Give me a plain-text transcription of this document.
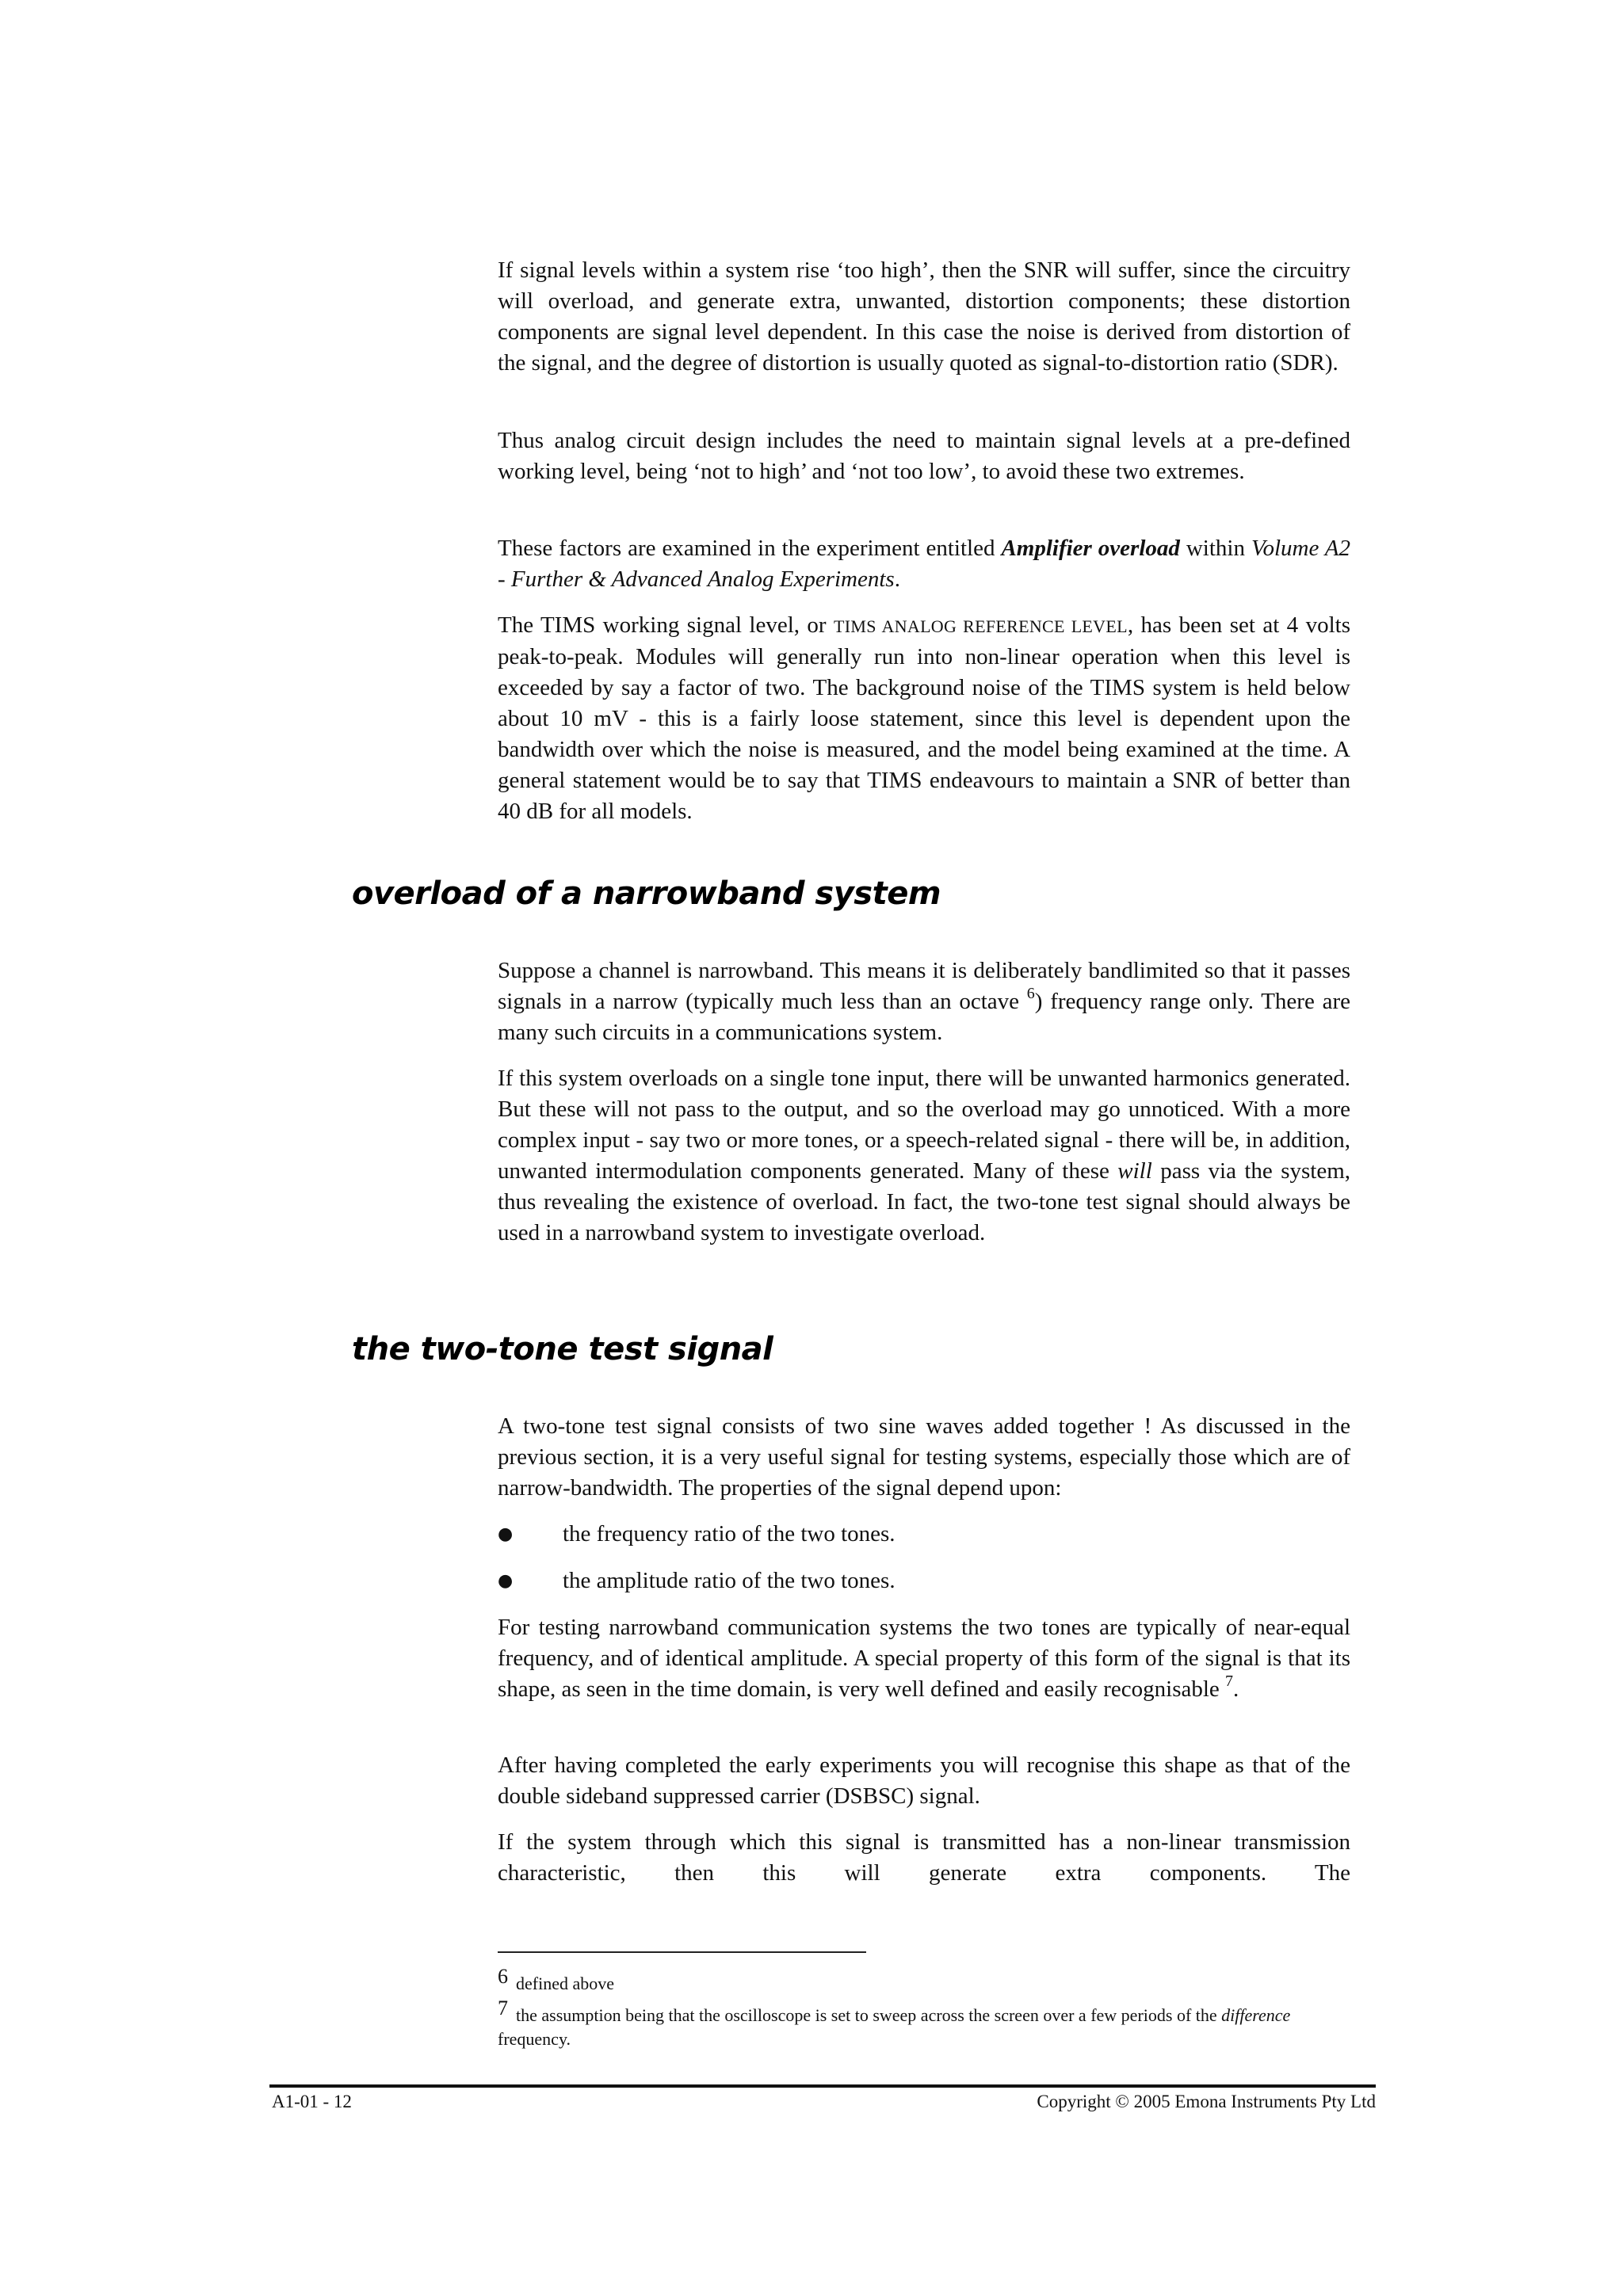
If signal levels within a system rise ‘too high’, then the SNR will suffer, since the circuitry will overload, and generate extra, unwanted, distortion components; these distortion components are signal level dependent. In this case the noise is derived from distortion of the signal, and the degree of distortion is usually quoted as signal-to-distortion ratio (SDR).

Thus analog circuit design includes the need to maintain signal levels at a pre-defined working level, being ‘not to high’ and ‘not too low’, to avoid these two extremes.

These factors are examined in the experiment entitled Amplifier overload within Volume A2 - Further & Advanced Analog Experiments.

The TIMS working signal level, or TIMS ANALOG REFERENCE LEVEL, has been set at 4 volts peak-to-peak. Modules will generally run into non-linear operation when this level is exceeded by say a factor of two. The background noise of the TIMS system is held below about 10 mV - this is a fairly loose statement, since this level is dependent upon the bandwidth over which the noise is measured, and the model being examined at the time. A general statement would be to say that TIMS endeavours to maintain a SNR of better than 40 dB for all models.

overload of a narrowband system

Suppose a channel is narrowband. This means it is deliberately bandlimited so that it passes signals in a narrow (typically much less than an octave $^6$) frequency range only. There are many such circuits in a communications system.

If this system overloads on a single tone input, there will be unwanted harmonics generated. But these will not pass to the output, and so the overload may go unnoticed. With a more complex input - say two or more tones, or a speech-related signal - there will be, in addition, unwanted intermodulation components generated. Many of these will pass via the system, thus revealing the existence of overload. In fact, the two-tone test signal should always be used in a narrowband system to investigate overload.

the two-tone test signal

A two-tone test signal consists of two sine waves added together ! As discussed in the previous section, it is a very useful signal for testing systems, especially those which are of narrow-bandwidth. The properties of the signal depend upon:

● the frequency ratio of the two tones.
● the amplitude ratio of the two tones.

For testing narrowband communication systems the two tones are typically of near-equal frequency, and of identical amplitude. A special property of this form of the signal is that its shape, as seen in the time domain, is very well defined and easily recognisable $^7$.

After having completed the early experiments you will recognise this shape as that of the double sideband suppressed carrier (DSBSC) signal.

If the system through which this signal is transmitted has a non-linear transmission characteristic, then this will generate extra components. The

6 defined above
7 the assumption being that the oscilloscope is set to sweep across the screen over a few periods of the difference frequency.
A1-01 - 12	Copyright © 2005 Emona Instruments Pty Ltd
